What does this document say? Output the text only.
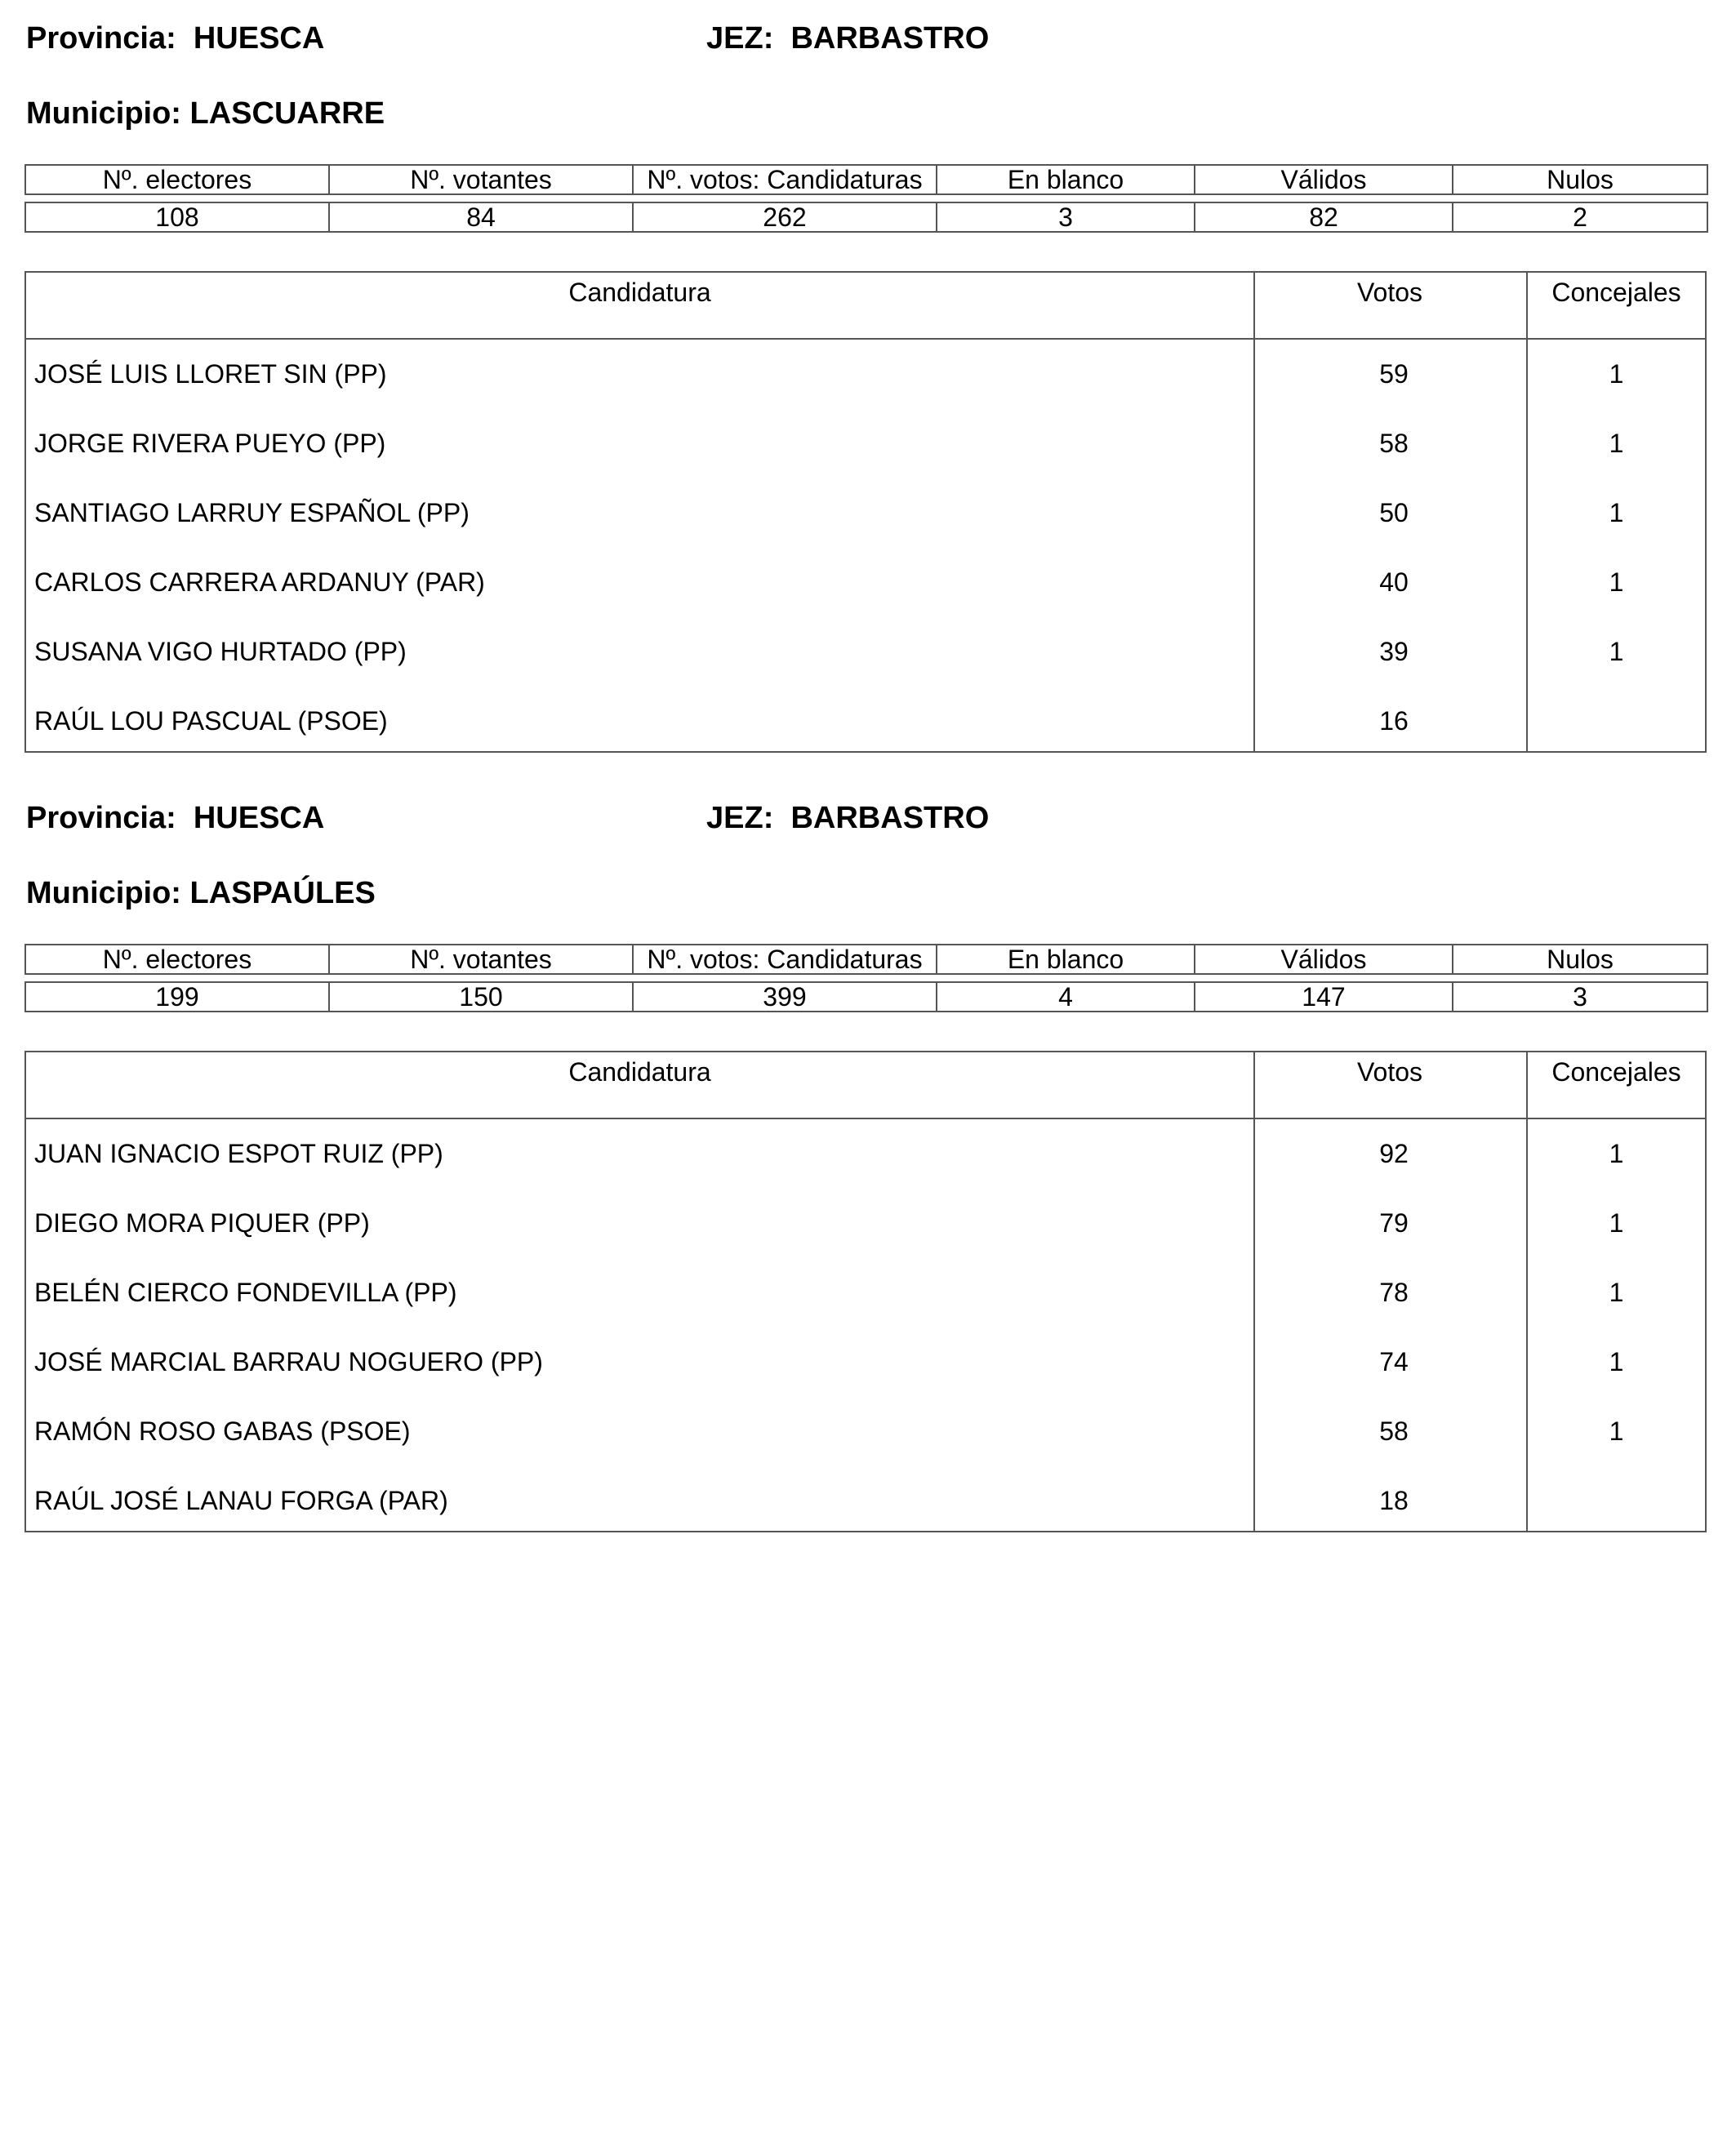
Provincia: HUESCA	JEZ: BARBASTRO
Municipio: LASCUARRE
Nº. electores	Nº. votantes	Nº. votos: Candidaturas	En blanco	Válidos	Nulos

108	84	262	3	82	2
Candidatura	Votos	Concejales
JOSÉ LUIS LLORET SIN (PP)	59	1
JORGE RIVERA PUEYO (PP)	58	1
SANTIAGO LARRUY ESPAÑOL (PP)	50	1
CARLOS CARRERA ARDANUY (PAR)	40	1
SUSANA VIGO HURTADO (PP)	39	1
RAÚL LOU PASCUAL (PSOE)	16
Provincia: HUESCA	JEZ: BARBASTRO
Municipio: LASPAÚLES
Nº. electores	Nº. votantes	Nº. votos: Candidaturas	En blanco	Válidos	Nulos

199	150	399	4	147	3
Candidatura	Votos	Concejales
JUAN IGNACIO ESPOT RUIZ (PP)	92	1
DIEGO MORA PIQUER (PP)	79	1
BELÉN CIERCO FONDEVILLA (PP)	78	1
JOSÉ MARCIAL BARRAU NOGUERO (PP)	74	1
RAMÓN ROSO GABAS (PSOE)	58	1
RAÚL JOSÉ LANAU FORGA (PAR)	18
